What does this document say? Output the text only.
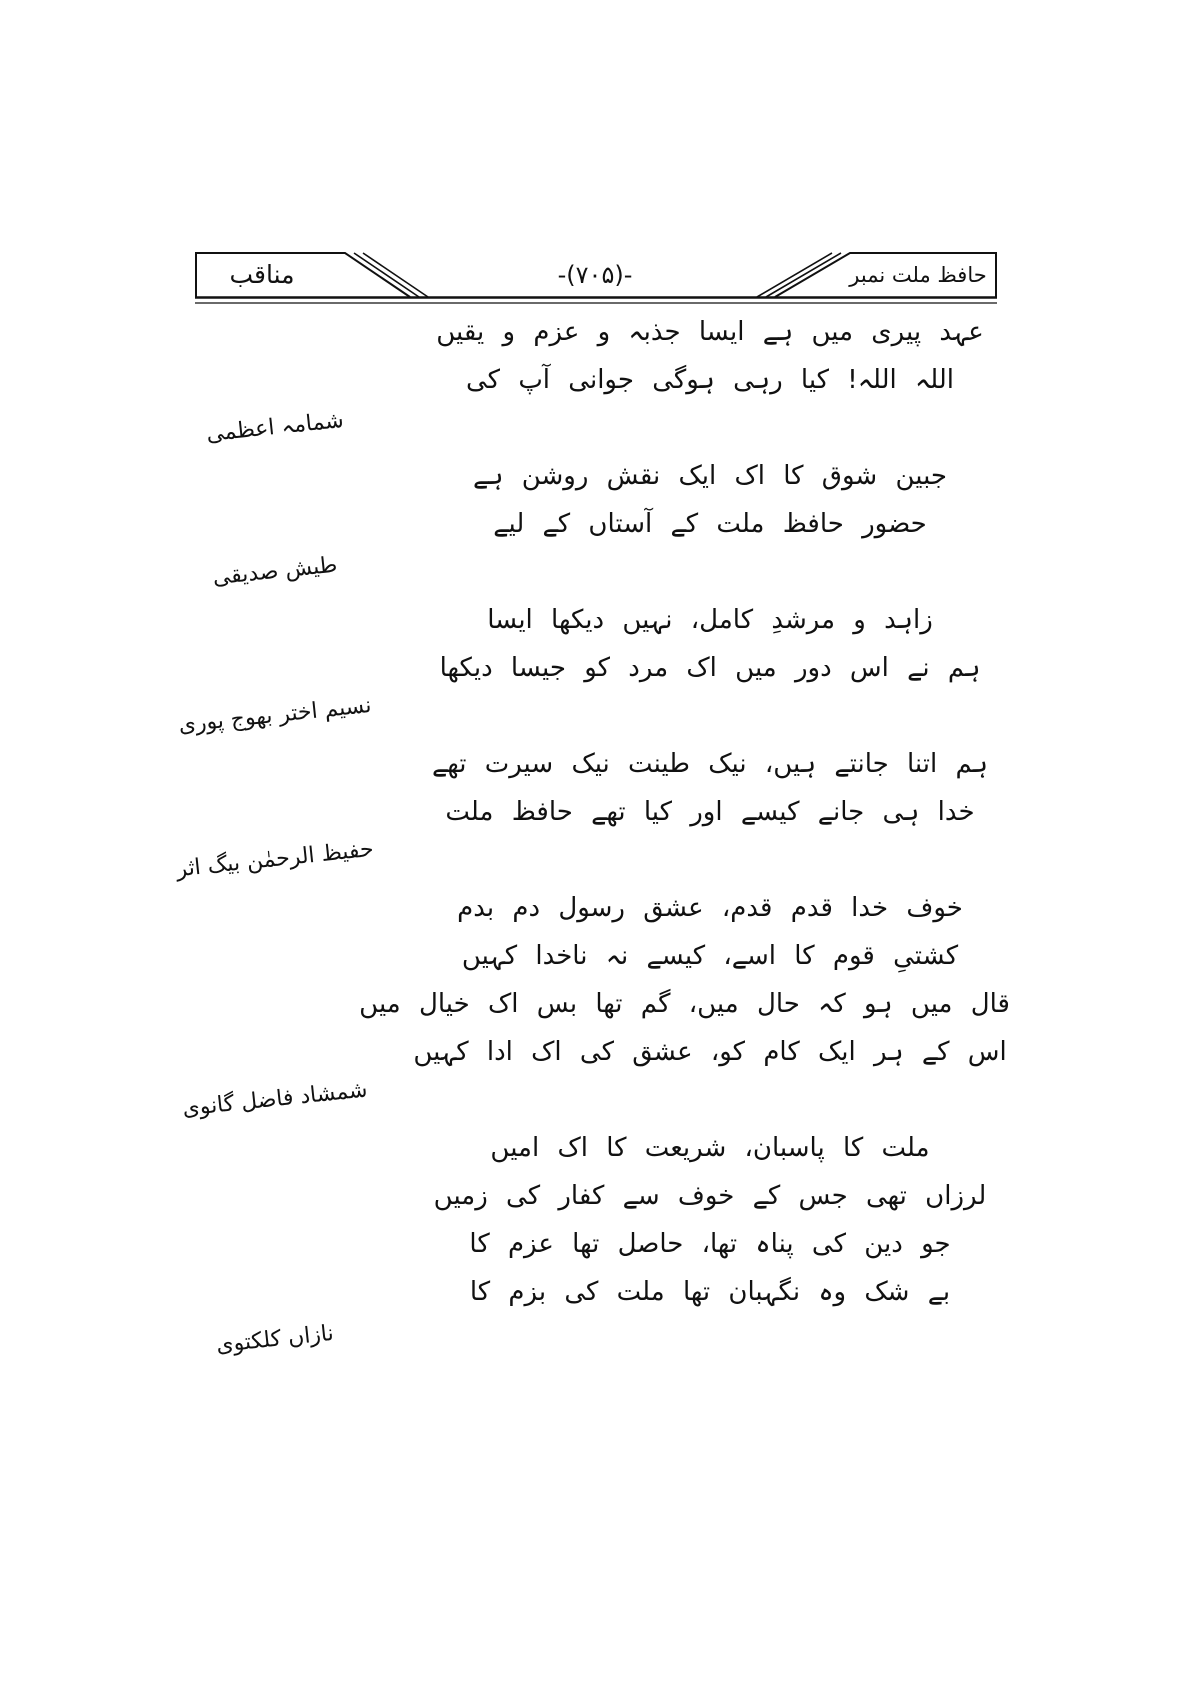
مناقب	-(۷۰۵)-	حافظ ملت نمبر
عہد پیری میں ہے ایسا جذبہ و عزم و یقیں
اللہ اللہ! کیا رہی ہوگی جوانی آپ کی
شمامہ اعظمی
جبین شوق کا اک ایک نقش روشن ہے
حضور حافظ ملت کے آستاں کے لیے
طیش صدیقی
زاہد و مرشدِ کامل، نہیں دیکھا ایسا
ہم نے اس دور میں اک مرد کو جیسا دیکھا
نسیم اختر بھوج پوری
ہم اتنا جانتے ہیں، نیک طینت نیک سیرت تھے
خدا ہی جانے کیسے اور کیا تھے حافظ ملت
حفیظ الرحمٰن بیگ اثر
خوف خدا قدم قدم، عشق رسول دم بدم
کشتیِ قوم کا اسے، کیسے نہ ناخدا کہیں
قال میں ہو کہ حال میں، گم تھا بس اک خیال میں
اس کے ہر ایک کام کو، عشق کی اک ادا کہیں
شمشاد فاضل گانوی
ملت کا پاسبان، شریعت کا اک امیں
لرزاں تھی جس کے خوف سے کفار کی زمیں
جو دین کی پناہ تھا، حاصل تھا عزم کا
بے شک وہ نگہبان تھا ملت کی بزم کا
نازاں کلکتوی
